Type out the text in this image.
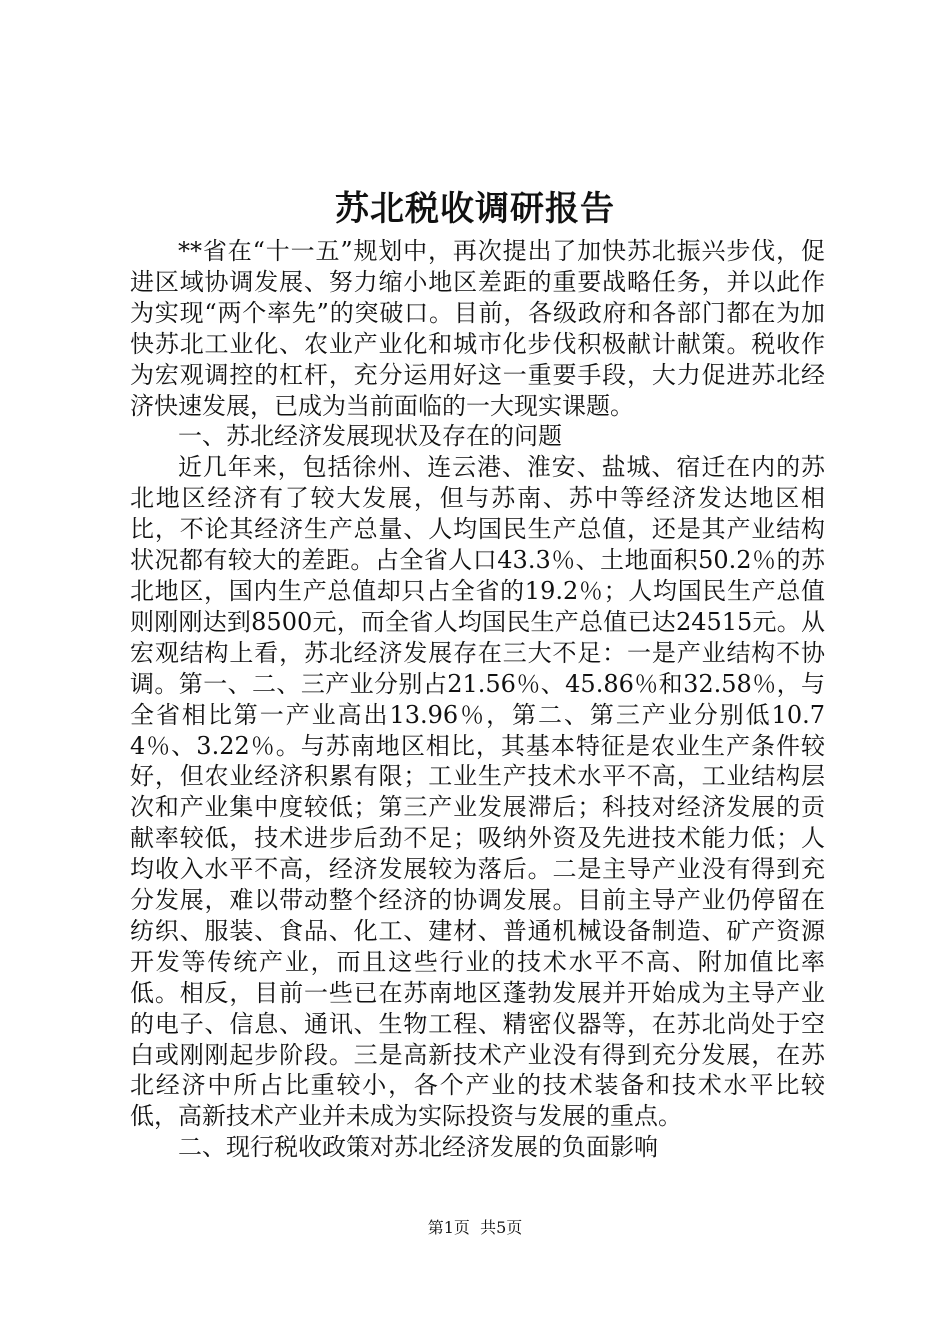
苏北税收调研报告

**省在“十一五”规划中，再次提出了加快苏北振兴步伐，促进区域协调发展、努力缩小地区差距的重要战略任务，并以此作为实现“两个率先”的突破口。目前，各级政府和各部门都在为加快苏北工业化、农业产业化和城市化步伐积极献计献策。税收作为宏观调控的杠杆，充分运用好这一重要手段，大力促进苏北经济快速发展，已成为当前面临的一大现实课题。

一、苏北经济发展现状及存在的问题

近几年来，包括徐州、连云港、淮安、盐城、宿迁在内的苏北地区经济有了较大发展，但与苏南、苏中等经济发达地区相比，不论其经济生产总量、人均国民生产总值，还是其产业结构状况都有较大的差距。占全省人口43.3％、土地面积50.2％的苏北地区，国内生产总值却只占全省的19.2％；人均国民生产总值则刚刚达到8500元，而全省人均国民生产总值已达24515元。从宏观结构上看，苏北经济发展存在三大不足：一是产业结构不协调。第一、二、三产业分别占21.56％、45.86％和32.58％，与全省相比第一产业高出13.96％，第二、第三产业分别低10.74％、3.22％。与苏南地区相比，其基本特征是农业生产条件较好，但农业经济积累有限；工业生产技术水平不高，工业结构层次和产业集中度较低；第三产业发展滞后；科技对经济发展的贡献率较低，技术进步后劲不足；吸纳外资及先进技术能力低；人均收入水平不高，经济发展较为落后。二是主导产业没有得到充分发展，难以带动整个经济的协调发展。目前主导产业仍停留在纺织、服装、食品、化工、建材、普通机械设备制造、矿产资源开发等传统产业，而且这些行业的技术水平不高、附加值比率低。相反，目前一些已在苏南地区蓬勃发展并开始成为主导产业的电子、信息、通讯、生物工程、精密仪器等，在苏北尚处于空白或刚刚起步阶段。三是高新技术产业没有得到充分发展，在苏北经济中所占比重较小，各个产业的技术装备和技术水平比较低，高新技术产业并未成为实际投资与发展的重点。

二、现行税收政策对苏北经济发展的负面影响

第1页  共5页
